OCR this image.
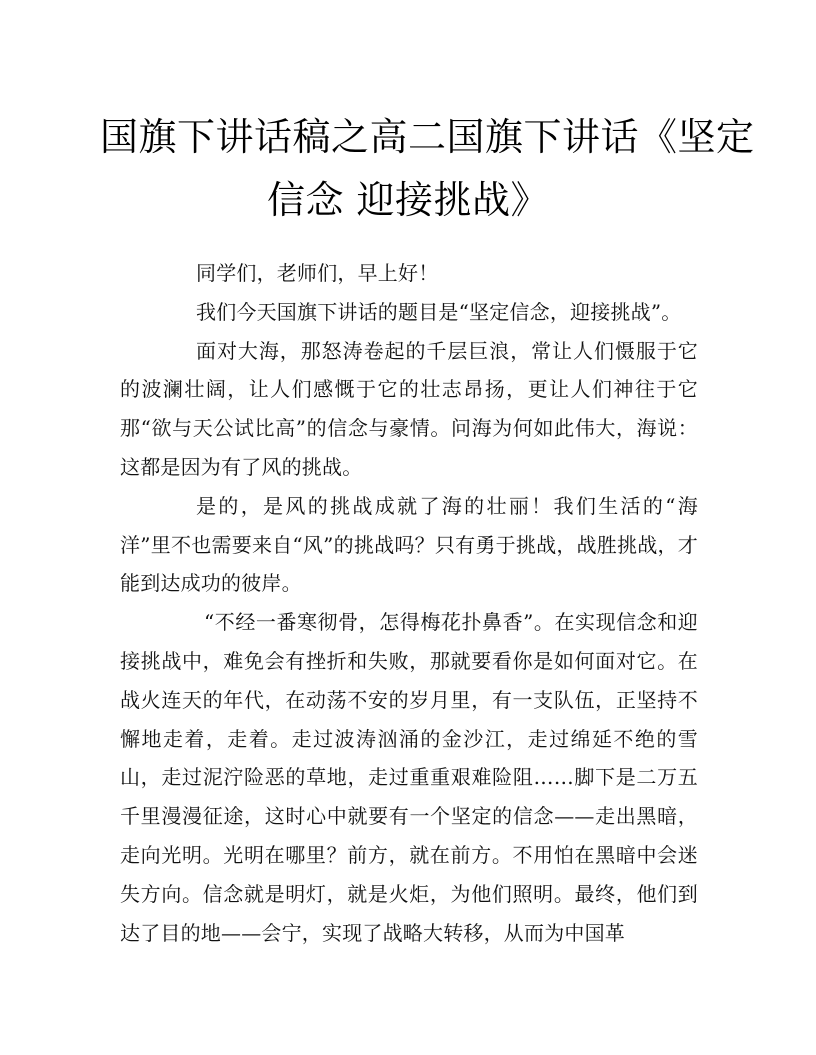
国旗下讲话稿之高二国旗下讲话《坚定
信念 迎接挑战》

同学们，老师们，早上好！

我们今天国旗下讲话的题目是“坚定信念，迎接挑战”。

面对大海，那怒涛卷起的千层巨浪，常让人们慑服于它的波澜壮阔，让人们感慨于它的壮志昂扬，更让人们神往于它那“欲与天公试比高”的信念与豪情。问海为何如此伟大，海说：这都是因为有了风的挑战。

是的，是风的挑战成就了海的壮丽！我们生活的“海洋”里不也需要来自“风”的挑战吗？只有勇于挑战，战胜挑战，才能到达成功的彼岸。

“不经一番寒彻骨，怎得梅花扑鼻香”。在实现信念和迎接挑战中，难免会有挫折和失败，那就要看你是如何面对它。在战火连天的年代，在动荡不安的岁月里，有一支队伍，正坚持不懈地走着，走着。走过波涛汹涌的金沙江，走过绵延不绝的雪山，走过泥泞险恶的草地，走过重重艰难险阻……脚下是二万五千里漫漫征途，这时心中就要有一个坚定的信念——走出黑暗，走向光明。光明在哪里？前方，就在前方。不用怕在黑暗中会迷失方向。信念就是明灯，就是火炬，为他们照明。最终，他们到达了目的地——会宁，实现了战略大转移，从而为中国革
